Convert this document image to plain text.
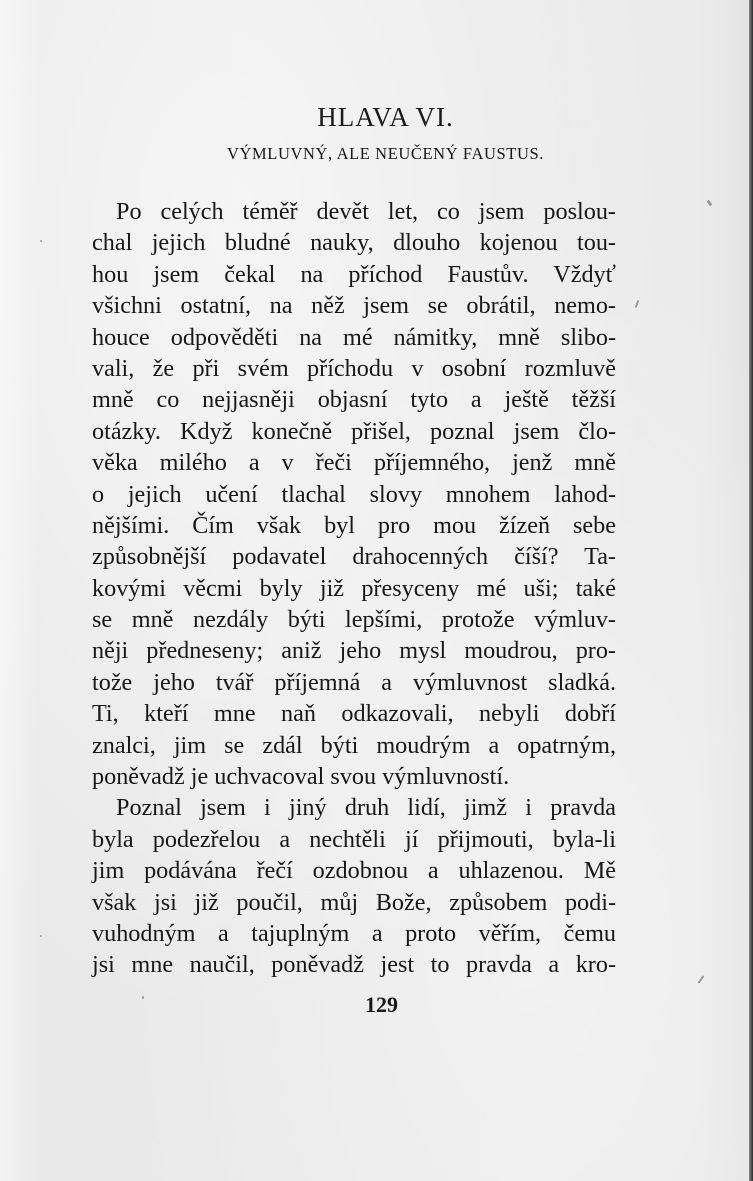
HLAVA VI.
VÝMLUVNÝ, ALE NEUČENÝ FAUSTUS.
Po celých téměř devět let, co jsem poslou-
chal jejich bludné nauky, dlouho kojenou tou-
hou jsem čekal na příchod Faustův. Vždyť
všichni ostatní, na něž jsem se obrátil, nemo-
houce odpověděti na mé námitky, mně slibo-
vali, že při svém příchodu v osobní rozmluvě
mně co nejjasněji objasní tyto a ještě těžší
otázky. Když konečně přišel, poznal jsem člo-
věka milého a v řeči příjemného, jenž mně
o jejich učení tlachal slovy mnohem lahod-
nějšími. Čím však byl pro mou žízeň sebe
způsobnější podavatel drahocenných číší? Ta-
kovými věcmi byly již přesyceny mé uši; také
se mně nezdály býti lepšími, protože výmluv-
něji předneseny; aniž jeho mysl moudrou, pro-
tože jeho tvář příjemná a výmluvnost sladká.
Ti, kteří mne naň odkazovali, nebyli dobří
znalci, jim se zdál býti moudrým a opatrným,
poněvadž je uchvacoval svou výmluvností.
Poznal jsem i jiný druh lidí, jimž i pravda
byla podezřelou a nechtěli jí přijmouti, byla-li
jim podávána řečí ozdobnou a uhlazenou. Mě
však jsi již poučil, můj Bože, způsobem podi-
vuhodným a tajuplným a proto věřím, čemu
jsi mne naučil, poněvadž jest to pravda a kro-
129
